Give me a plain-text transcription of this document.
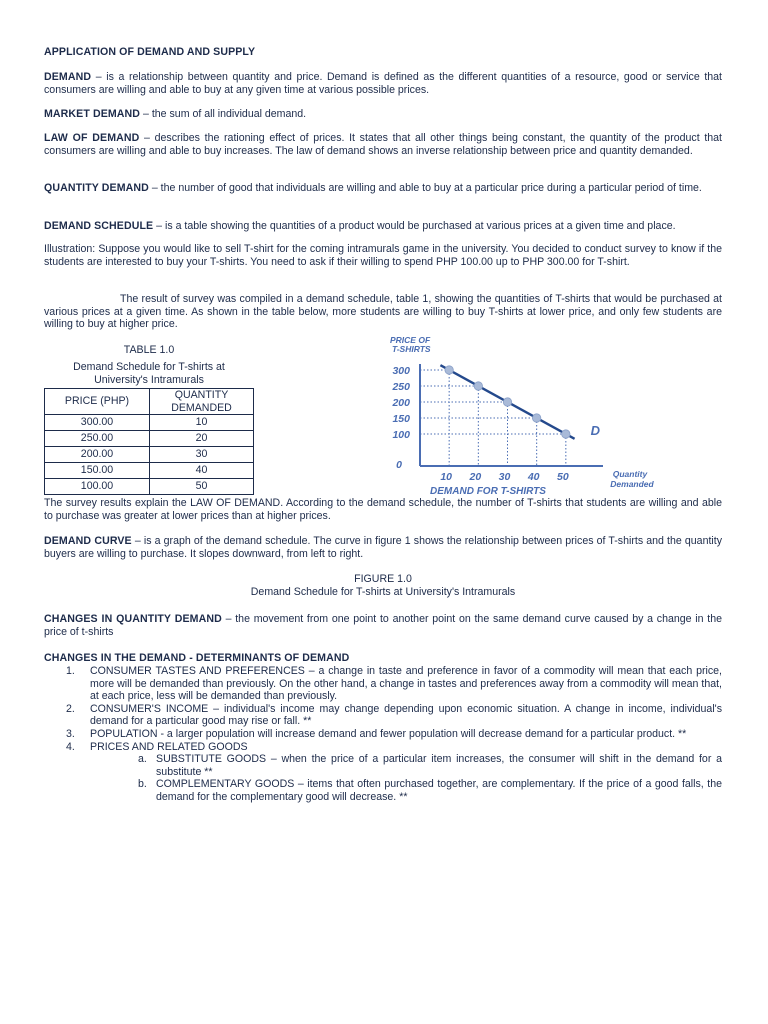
APPLICATION OF DEMAND AND SUPPLY

DEMAND – is a relationship between quantity and price. Demand is defined as the different quantities of a resource, good or service that consumers are willing and able to buy at any given time at various possible prices.

MARKET DEMAND – the sum of all individual demand.

LAW OF DEMAND – describes the rationing effect of prices. It states that all other things being constant, the quantity of the product that consumers are willing and able to buy increases. The law of demand shows an inverse relationship between price and quantity demanded.

QUANTITY DEMAND – the number of good that individuals are willing and able to buy at a particular price during a particular period of time.

DEMAND SCHEDULE – is a table showing the quantities of a product would be purchased at various prices at a given time and place.

Illustration: Suppose you would like to sell T-shirt for the coming intramurals game in the university. You decided to conduct survey to know if the students are interested to buy your T-shirts. You need to ask if their willing to spend PHP 100.00 up to PHP 300.00 for T-shirt.

The result of survey was compiled in a demand schedule, table 1, showing the quantities of T-shirts that would be purchased at various prices at a given time. As shown in the table below, more students are willing to buy T-shirts at lower price, and only few students are willing to buy at higher price.

TABLE 1.0

Demand Schedule for T-shirts at University's Intramurals

PRICE (PHP)	QUANTITY DEMANDED
300.00	10
250.00	20
200.00	30
150.00	40
100.00	50
D
300
250
200
150
100
0
10 20 30 40 50
PRICE OF
T-SHIRTS
DEMAND FOR T-SHIRTS
Quantity
Demanded

The survey results explain the LAW OF DEMAND. According to the demand schedule, the number of T-shirts that students are willing and able to purchase was greater at lower prices than at higher prices.

DEMAND CURVE – is a graph of the demand schedule. The curve in figure 1 shows the relationship between prices of T-shirts and the quantity buyers are willing to purchase. It slopes downward, from left to right.

FIGURE 1.0

Demand Schedule for T-shirts at University's Intramurals

CHANGES IN QUANTITY DEMAND – the movement from one point to another point on the same demand curve caused by a change in the price of t-shirts

CHANGES IN THE DEMAND - DETERMINANTS OF DEMAND

1. CONSUMER TASTES AND PREFERENCES – a change in taste and preference in favor of a commodity will mean that each price, more will be demanded than previously. On the other hand, a change in tastes and preferences away from a commodity will mean that, at each price, less will be demanded than previously.
2. CONSUMER'S INCOME – individual's income may change depending upon economic situation. A change in income, individual's demand for a particular good may rise or fall. **
3. POPULATION - a larger population will increase demand and fewer population will decrease demand for a particular product. **
4. PRICES AND RELATED GOODS
a. SUBSTITUTE GOODS – when the price of a particular item increases, the consumer will shift in the demand for a substitute **
b. COMPLEMENTARY GOODS – items that often purchased together, are complementary. If the price of a good falls, the demand for the complementary good will decrease. **
